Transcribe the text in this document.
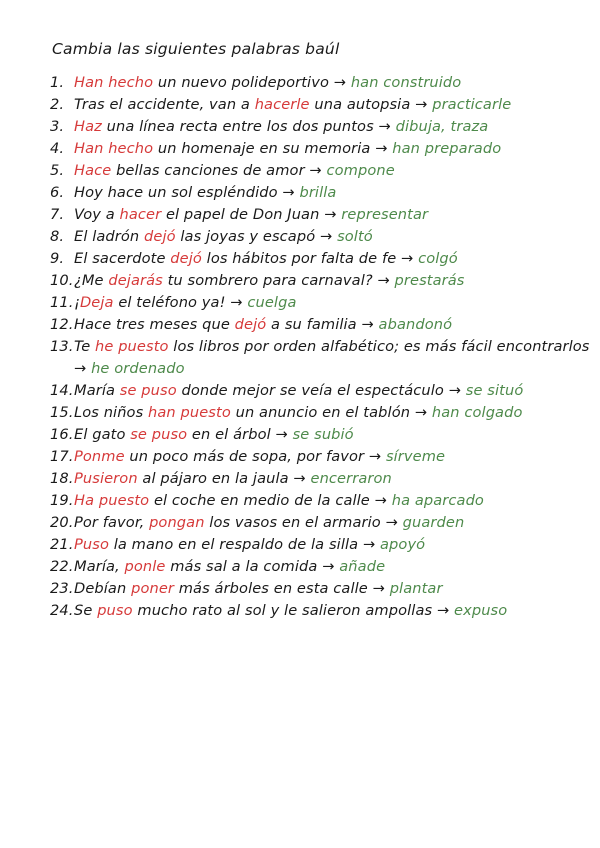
Cambia las siguientes palabras baúl
1. Han hecho un nuevo polideportivo → han construido
2. Tras el accidente, van a hacerle una autopsia → practicarle
3. Haz una línea recta entre los dos puntos → dibuja, traza
4. Han hecho un homenaje en su memoria → han preparado
5. Hace bellas canciones de amor → compone
6. Hoy hace un sol espléndido → brilla
7. Voy a hacer el papel de Don Juan → representar
8. El ladrón dejó las joyas y escapó → soltó
9. El sacerdote dejó los hábitos por falta de fe → colgó
10. ¿Me dejarás tu sombrero para carnaval? → prestarás
11. ¡Deja el teléfono ya! → cuelga
12. Hace tres meses que dejó a su familia → abandonó
13. Te he puesto los libros por orden alfabético; es más fácil encontrarlos → he ordenado
14. María se puso donde mejor se veía el espectáculo → se situó
15. Los niños han puesto un anuncio en el tablón → han colgado
16. El gato se puso en el árbol → se subió
17. Ponme un poco más de sopa, por favor → sírveme
18. Pusieron al pájaro en la jaula → encerraron
19. Ha puesto el coche en medio de la calle → ha aparcado
20. Por favor, pongan los vasos en el armario → guarden
21. Puso la mano en el respaldo de la silla → apoyó
22. María, ponle más sal a la comida → añade
23. Debían poner más árboles en esta calle → plantar
24. Se puso mucho rato al sol y le salieron ampollas → expuso
